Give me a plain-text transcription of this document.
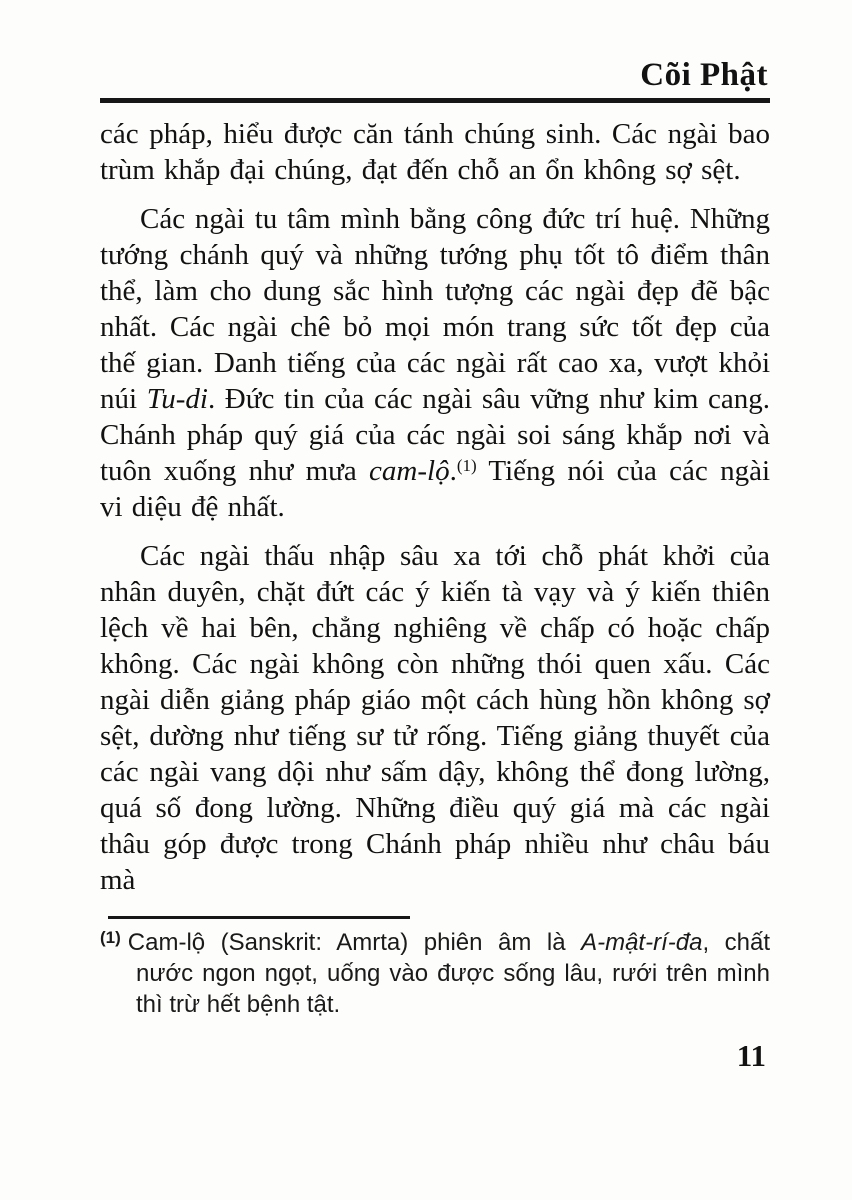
Cõi Phật

các pháp, hiểu được căn tánh chúng sinh. Các ngài bao trùm khắp đại chúng, đạt đến chỗ an ổn không sợ sệt.

Các ngài tu tâm mình bằng công đức trí huệ. Những tướng chánh quý và những tướng phụ tốt tô điểm thân thể, làm cho dung sắc hình tượng các ngài đẹp đẽ bậc nhất. Các ngài chê bỏ mọi món trang sức tốt đẹp của thế gian. Danh tiếng của các ngài rất cao xa, vượt khỏi núi Tu-di. Đức tin của các ngài sâu vững như kim cang. Chánh pháp quý giá của các ngài soi sáng khắp nơi và tuôn xuống như mưa cam-lộ.$^{(1)}$ Tiếng nói của các ngài vi diệu đệ nhất.

Các ngài thấu nhập sâu xa tới chỗ phát khởi của nhân duyên, chặt đứt các ý kiến tà vạy và ý kiến thiên lệch về hai bên, chẳng nghiêng về chấp có hoặc chấp không. Các ngài không còn những thói quen xấu. Các ngài diễn giảng pháp giáo một cách hùng hồn không sợ sệt, dường như tiếng sư tử rống. Tiếng giảng thuyết của các ngài vang dội như sấm dậy, không thể đong lường, quá số đong lường. Những điều quý giá mà các ngài thâu góp được trong Chánh pháp nhiều như châu báu mà

$^{(1)}$ Cam-lộ (Sanskrit: Amrta) phiên âm là A-mật-rí-đa, chất nước ngon ngọt, uống vào được sống lâu, rưới trên mình thì trừ hết bệnh tật.

11
